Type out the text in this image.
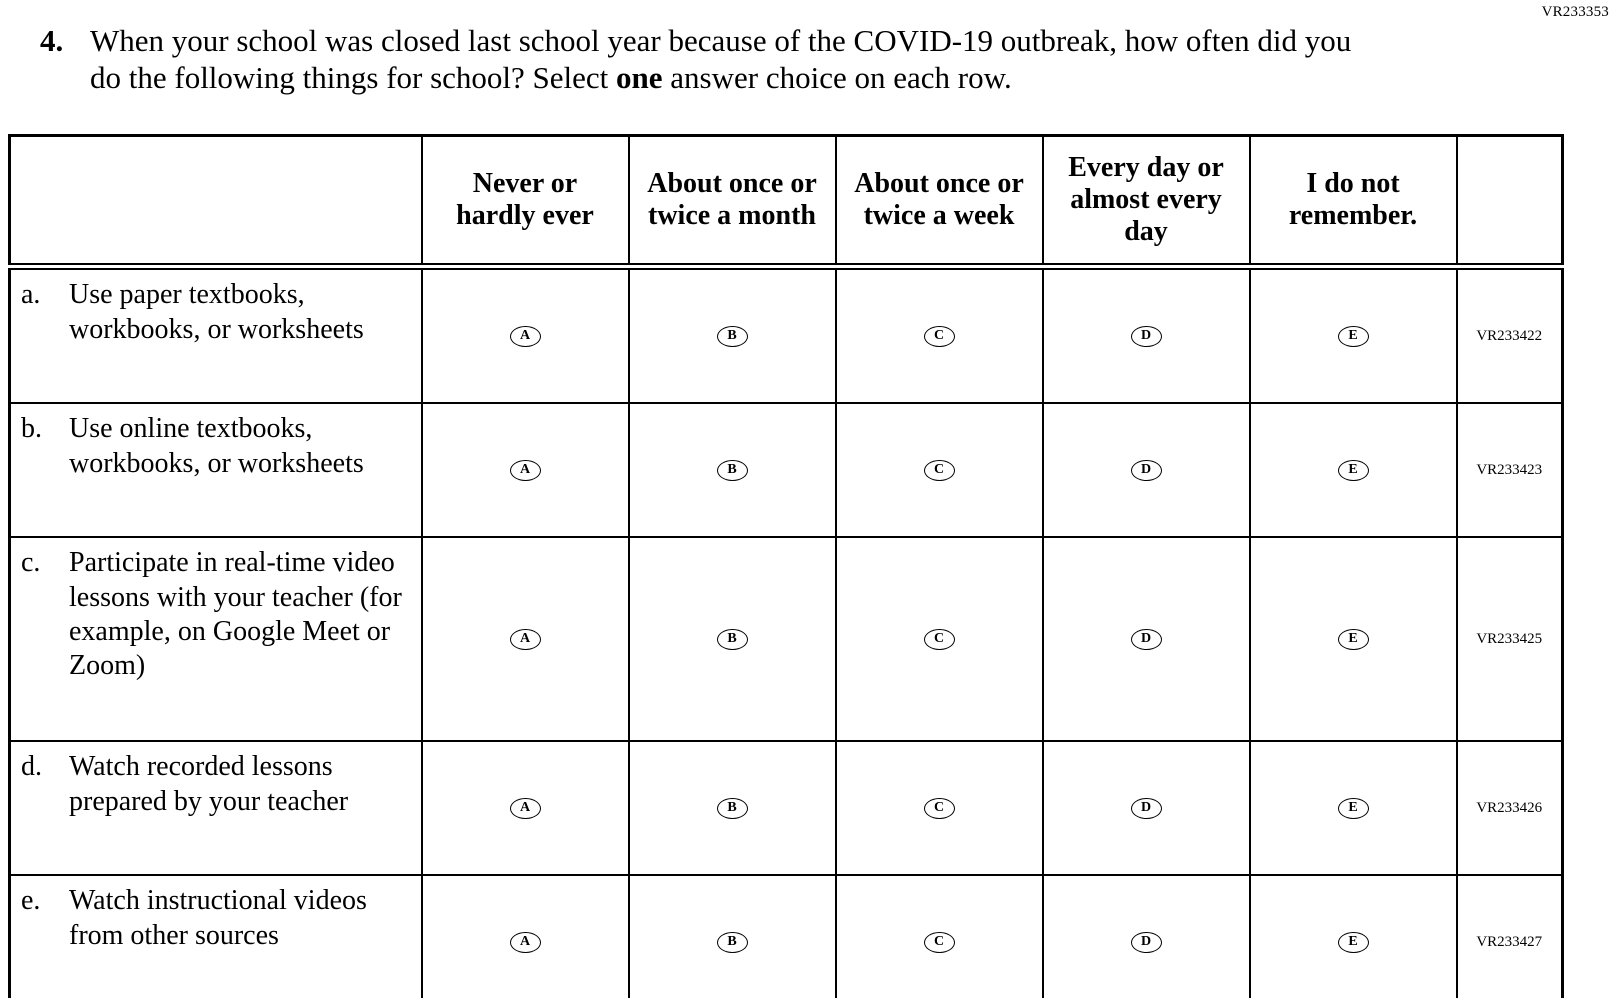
VR233353
4. When your school was closed last school year because of the COVID-19 outbreak, how often did you do the following things for school? Select one answer choice on each row.
	Never or hardly ever	About once or twice a month	About once or twice a week	Every day or almost every day	I do not remember.	

a. Use paper textbooks, workbooks, or worksheets	A	B	C	D	E	VR233422

b. Use online textbooks, workbooks, or worksheets	A	B	C	D	E	VR233423

c. Participate in real-time video lessons with your teacher (for example, on Google Meet or Zoom)	A	B	C	D	E	VR233425

d. Watch recorded lessons prepared by your teacher	A	B	C	D	E	VR233426

e. Watch instructional videos from other sources	A	B	C	D	E	VR233427
